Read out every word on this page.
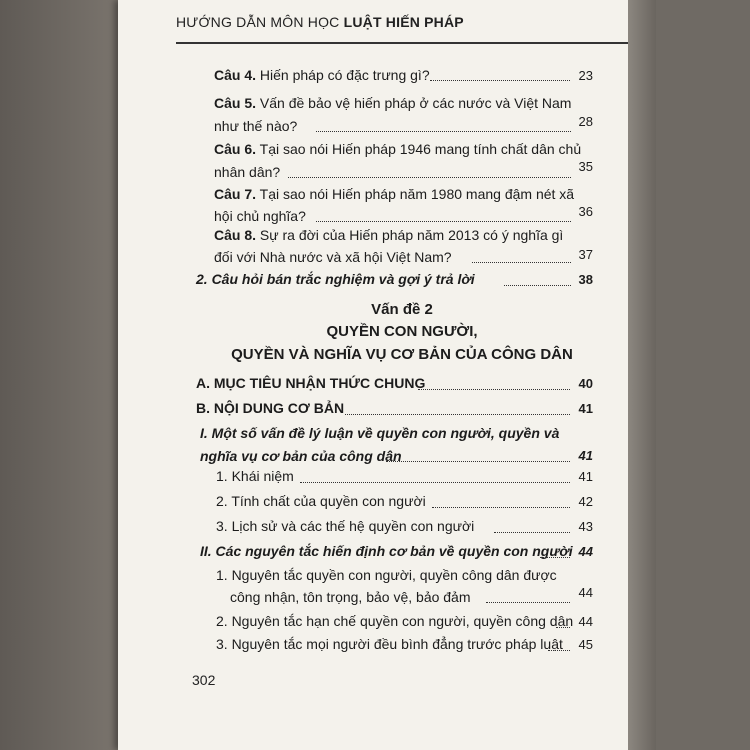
HƯỚNG DẪN MÔN HỌC LUẬT HIẾN PHÁP
Câu 4. Hiến pháp có đặc trưng gì?	23
Câu 5. Vấn đề bảo vệ hiến pháp ở các nước và Việt Nam
như thế nào?	28
Câu 6. Tại sao nói Hiến pháp 1946 mang tính chất dân chủ
nhân dân?	35
Câu 7. Tại sao nói Hiến pháp năm 1980 mang đậm nét xã
hội chủ nghĩa?	36
Câu 8. Sự ra đời của Hiến pháp năm 2013 có ý nghĩa gì
đối với Nhà nước và xã hội Việt Nam?	37
2. Câu hỏi bán trắc nghiệm và gợi ý trả lời	38
Vấn đề 2
QUYỀN CON NGƯỜI,
QUYỀN VÀ NGHĨA VỤ CƠ BẢN CỦA CÔNG DÂN
A. MỤC TIÊU NHẬN THỨC CHUNG	40
B. NỘI DUNG CƠ BẢN	41
I. Một số vấn đề lý luận về quyền con người, quyền và
nghĩa vụ cơ bản của công dân	41
1. Khái niệm	41
2. Tính chất của quyền con người	42
3. Lịch sử và các thế hệ quyền con người	43
II. Các nguyên tắc hiến định cơ bản về quyền con người 44
1. Nguyên tắc quyền con người, quyền công dân được
công nhận, tôn trọng, bảo vệ, bảo đảm	44
2. Nguyên tắc hạn chế quyền con người, quyền công dân 44
3. Nguyên tắc mọi người đều bình đẳng trước pháp luật	45
302
